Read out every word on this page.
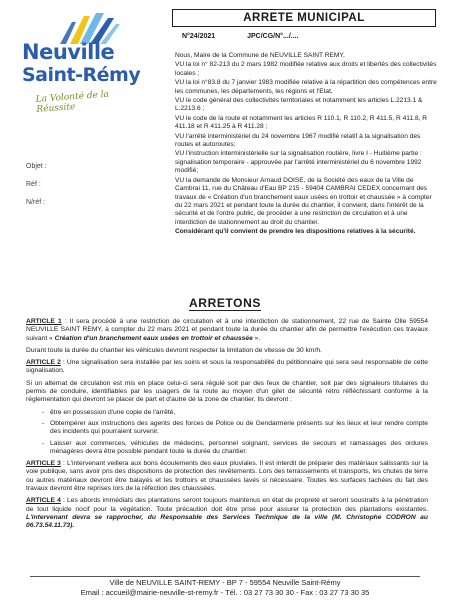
Neuville
Saint-Rémy
La Volonté de la Réussite
Objet :
Réf :
N/réf :
ARRETE MUNICIPAL
N°24/2021	JPC/CG/N°.../....

Nous, Maire de la Commune de NEUVILLE SAINT REMY,

VU la loi n° 82-213 du 2 mars 1982 modifiée relative aux droits et libertés des collectivités locales ;

VU la loi n°83.8 du 7 janvier 1983 modifiée relative à la répartition des compétences entre les communes, les départements, les régions et l'Etat,

VU le code général des collectivités territoriales et notamment les articles L.2213.1 & L.2213.6 ;

VU le code de la route et notamment les articles R 110.1, R 110.2, R 411.5, R 411.8, R 411.18 et R 411.25 à R 411.28 ;

VU l'arrêté interministériel du 24 novembre 1967 modifié relatif à la signalisation des routes et autoroutes;

VU l'instruction interministérielle sur la signalisation routière, livre I - Huitième partie : signalisation temporaire - approuvée par l'arrêté interministériel du 6 novembre 1992 modifié;

VU la demande de Monsieur Arnaud DOISE, de la Société des eaux de la Ville de Cambrai 11, rue du Château d'Eau BP 215 - 59404 CAMBRAI CEDEX concernant des travaux de « Création d'un branchement eaux usées en trottoir et chaussée » à compter du 22 mars 2021 et pendant toute la durée du chantier, il convient, dans l'intérêt de la sécurité et de l'ordre public, de procéder à une restriction de circulation et à une interdiction de stationnement au droit du chantier.

Considérant qu'il convient de prendre les dispositions relatives à la sécurité.

ARRETONS

ARTICLE 1 : Il sera procédé à une restriction de circulation et à une interdiction de stationnement, 22 rue de Sainte Olle 59554 NEUVILLE SAINT REMY, à compter du 22 mars 2021 et pendant toute la durée du chantier afin de permettre l'exécution ces travaux suivant « Création d'un branchement eaux usées en trottoir et chaussée ».

Durant toute la durée du chantier les véhicules devront respecter la limitation de vitesse de 30 km/h.

ARTICLE 2 : Une signalisation sera installée par les soins et sous la responsabilité du pétitionnaire qui sera seul responsable de cette signalisation.

Si un alternat de circulation est mis en place celui-ci sera régulé soit par des feux de chantier, soit par des signaleurs titulaires du permis de conduire, identifiables par les usagers de la route au moyen d'un gilet de sécurité rétro réfléchissant conforme à la réglementation qui devront se placer de part et d'autre de la zone de chantier. Ils devront :

- être en possession d'une copie de l'arrêté,
- Obtempérer aux instructions des agents des forces de Police ou de Gendarmerie présents sur les lieux et leur rendre compte des incidents qui pourraient survenir.
- Laisser aux commerces, véhicules de médecins, personnel soignant, services de secours et ramassages des ordures ménagères devra être possible pendant toute la durée du chantier.

ARTICLE 3 : L'intervenant veillera aux bons écoulements des eaux pluviales. Il est interdit de préparer des matériaux salissants sur la voie publique, sans avoir pris des dispositions de protection des revêtements. Lors des terrassements et transports, les chutes de terre ou autres matériaux devront être balayés et les trottoirs et chaussées lavés si nécessaire. Toutes les surfaces tachées du fait des travaux devront être reprises lors de la réfection des chaussées.

ARTICLE 4 : Les abords immédiats des plantations seront toujours maintenus en état de propreté et seront soustraits à la pénétration de tout liquide nocif pour la végétation. Toute précaution doit être prise pour assurer la protection des plantations existantes. L'intervenant devra se rapprocher, du Responsable des Services Technique de la ville (M. Christophe CODRON au 06.73.54.11.73).

Ville de NEUVILLE SAINT-REMY - BP 7 - 59554 Neuville Saint-Rémy
Email : accueil@mairie-neuville-st-remy.fr - Tél. : 03 27 73 30 30 - Fax : 03 27 73 30 35
